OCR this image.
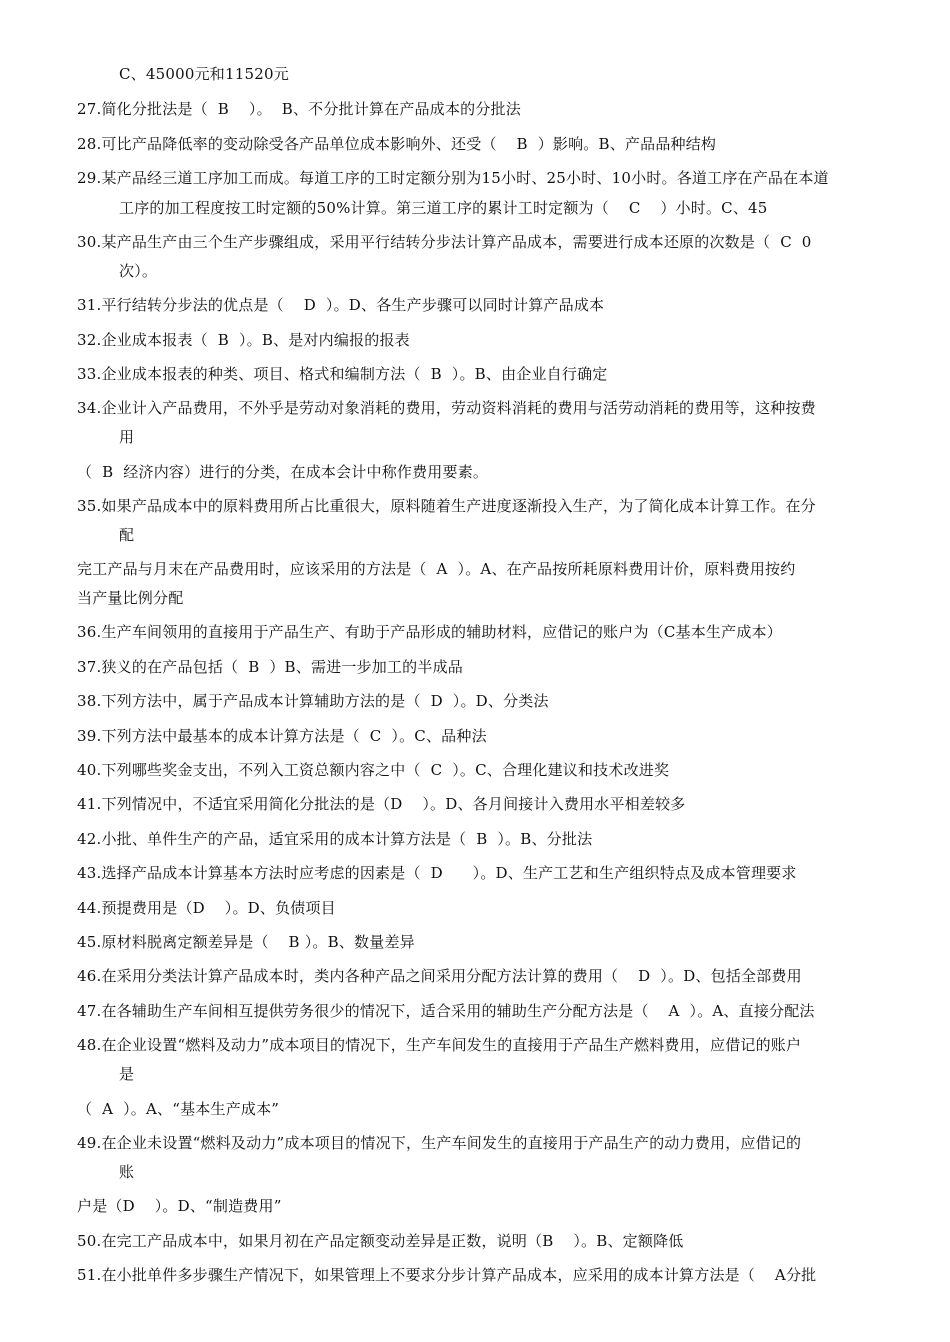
C、45000元和11520元
27.简化分批法是（  B    ）。  B、不分批计算在产品成本的分批法
28.可比产品降低率的变动除受各产品单位成本影响外、还受（    B  ）影响。B、产品品种结构
29.某产品经三道工序加工而成。每道工序的工时定额分别为15小时、25小时、10小时。各道工序在产品在本道
工序的加工程度按工时定额的50%计算。第三道工序的累计工时定额为（    C    ）小时。C、45
30.某产品生产由三个生产步骤组成，采用平行结转分步法计算产品成本，需要进行成本还原的次数是（  C  0
次）。
31.平行结转分步法的优点是（    D  ）。D、各生产步骤可以同时计算产品成本
32.企业成本报表（  B  ）。B、是对内编报的报表
33.企业成本报表的种类、项目、格式和编制方法（  B  ）。B、由企业自行确定
34.企业计入产品费用，不外乎是劳动对象消耗的费用，劳动资料消耗的费用与活劳动消耗的费用等，这种按费
用
（  B  经济内容）进行的分类，在成本会计中称作费用要素。
35.如果产品成本中的原料费用所占比重很大，原料随着生产进度逐渐投入生产，为了简化成本计算工作。在分
配
完工产品与月末在产品费用时，应该采用的方法是（  A  ）。A、在产品按所耗原料费用计价，原料费用按约
当产量比例分配
36.生产车间领用的直接用于产品生产、有助于产品形成的辅助材料，应借记的账户为（C基本生产成本）
37.狭义的在产品包括（  B  ）B、需进一步加工的半成品
38.下列方法中，属于产品成本计算辅助方法的是（  D  ）。D、分类法
39.下列方法中最基本的成本计算方法是（  C  ）。C、品种法
40.下列哪些奖金支出，不列入工资总额内容之中（  C  ）。C、合理化建议和技术改进奖
41.下列情况中，不适宜采用简化分批法的是（D    ）。D、各月间接计入费用水平相差较多
42.小批、单件生产的产品，适宜采用的成本计算方法是（  B  ）。B、分批法
43.选择产品成本计算基本方法时应考虑的因素是（  D      ）。D、生产工艺和生产组织特点及成本管理要求
44.预提费用是（D    ）。D、负债项目
45.原材料脱离定额差异是（    B ）。B、数量差异
46.在采用分类法计算产品成本时，类内各种产品之间采用分配方法计算的费用（    D  ）。D、包括全部费用
47.在各辅助生产车间相互提供劳务很少的情况下，适合采用的辅助生产分配方法是（    A  ）。A、直接分配法
48.在企业设置“燃料及动力”成本项目的情况下，生产车间发生的直接用于产品生产燃料费用，应借记的账户
是
（  A  ）。A、“基本生产成本”
49.在企业未设置“燃料及动力”成本项目的情况下，生产车间发生的直接用于产品生产的动力费用，应借记的
账
户是（D    ）。D、“制造费用”
50.在完工产品成本中，如果月初在产品定额变动差异是正数，说明（B    ）。B、定额降低
51.在小批单件多步骤生产情况下，如果管理上不要求分步计算产品成本，应采用的成本计算方法是（    A分批
